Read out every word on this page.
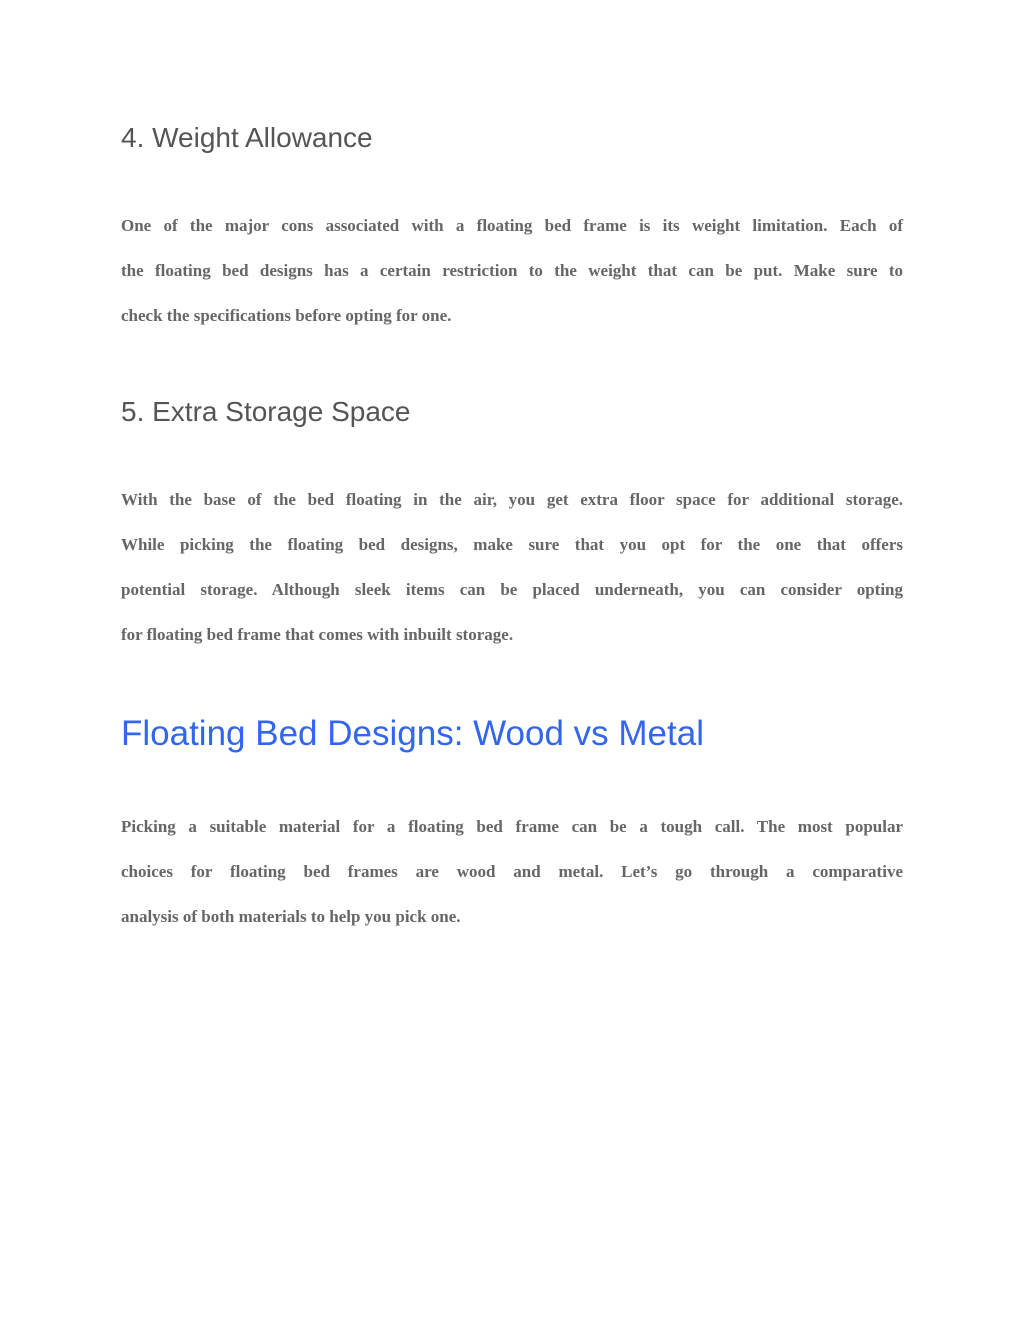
4. Weight Allowance

One of the major cons associated with a floating bed frame is its weight limitation. Each of
the floating bed designs has a certain restriction to the weight that can be put. Make sure to
check the specifications before opting for one.

5. Extra Storage Space

With the base of the bed floating in the air, you get extra floor space for additional storage.
While picking the floating bed designs, make sure that you opt for the one that offers
potential storage. Although sleek items can be placed underneath, you can consider opting
for floating bed frame that comes with inbuilt storage.

Floating Bed Designs: Wood vs Metal

Picking a suitable material for a floating bed frame can be a tough call. The most popular
choices for floating bed frames are wood and metal. Let’s go through a comparative
analysis of both materials to help you pick one.
